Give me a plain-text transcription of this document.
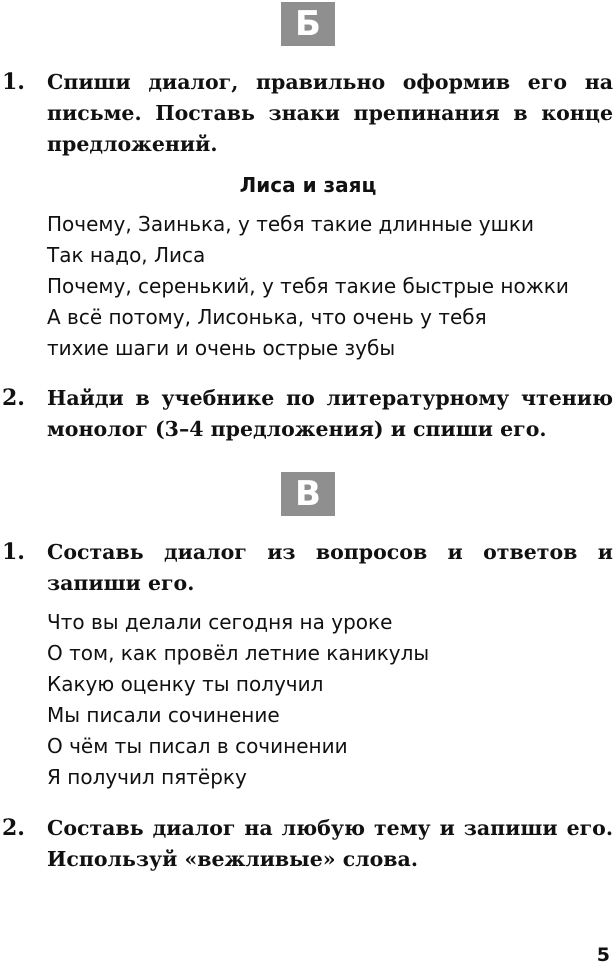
Б
1. Спиши диалог, правильно оформив его на письме. Поставь знаки препинания в конце предложений.
Лиса и заяц
Почему, Заинька, у тебя такие длинные ушки
Так надо, Лиса
Почему, серенький, у тебя такие быстрые ножки
А всё потому, Лисонька, что очень у тебя
тихие шаги и очень острые зубы
2. Найди в учебнике по литературному чтению монолог (3–4 предложения) и спиши его.
В
1. Составь диалог из вопросов и ответов и запиши его.
Что вы делали сегодня на уроке
О том, как провёл летние каникулы
Какую оценку ты получил
Мы писали сочинение
О чём ты писал в сочинении
Я получил пятёрку
2. Составь диалог на любую тему и запиши его. Используй «вежливые» слова.
5
